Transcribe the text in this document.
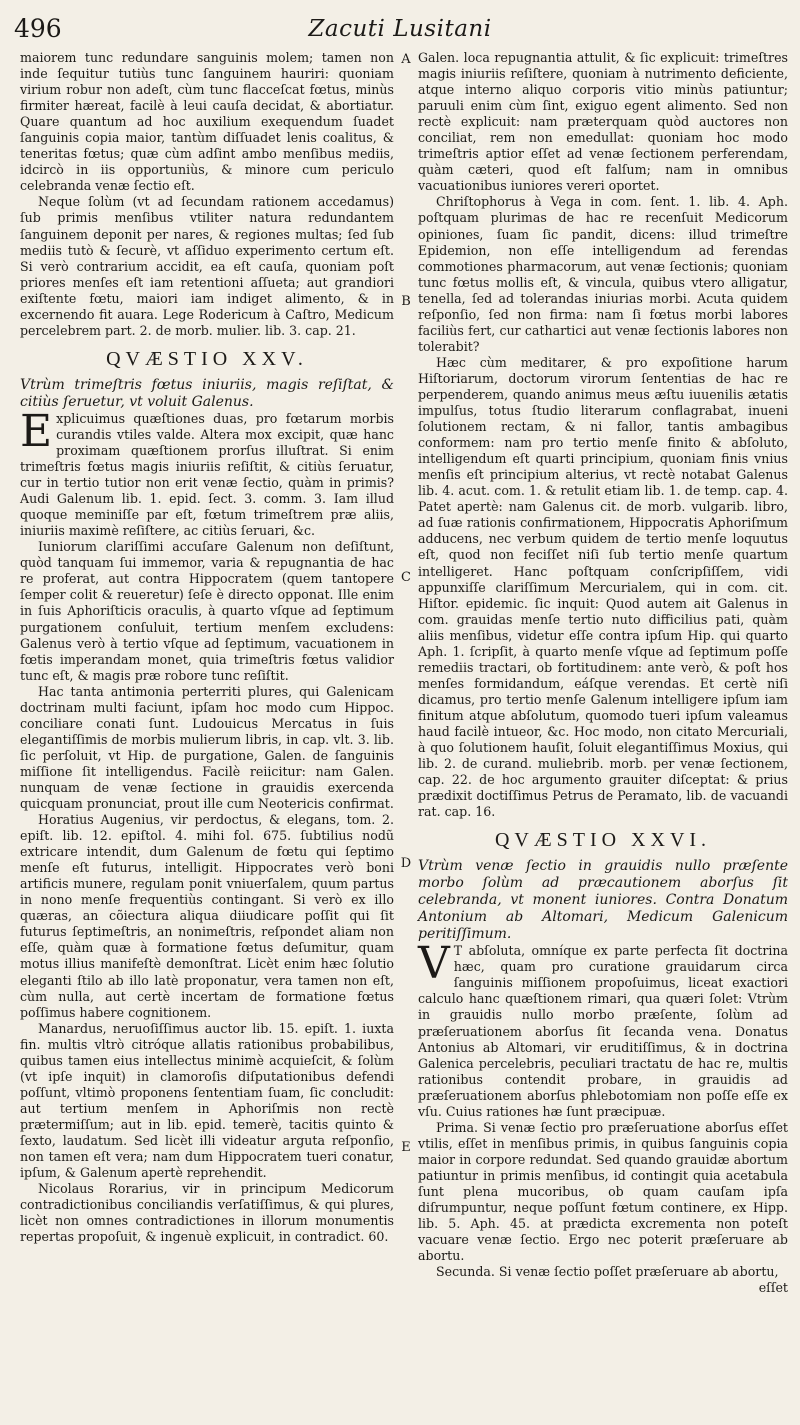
496	Zacuti Lusitani
A
B
C
D
E

maiorem tunc redundare sanguinis molem; tamen non inde ſequitur tutiùs tunc ſanguinem hauriri: quoniam virium robur non adeſt, cùm tunc flacceſcat fœtus, minùs firmiter hæreat, facilè à leui cauſa decidat, & abortiatur. Quare quantum ad hoc auxilium exequendum ſuadet ſanguinis copia maior, tantùm diſſuadet lenis coalitus, & teneritas fœtus; quæ cùm adſint ambo menſibus mediis, idcircò in iis opportuniùs, & minore cum periculo celebranda venæ ſectio eſt.

Neque ſolùm (vt ad ſecundam rationem accedamus) ſub primis menſibus vtiliter natura redundantem ſanguinem deponit per nares, & regiones multas; ſed ſub mediis tutò & ſecurè, vt aſſiduo experimento certum eſt. Si verò contrarium accidit, ea eſt cauſa, quoniam poſt priores menſes eſt iam retentioni aſſueta; aut grandiori exiſtente fœtu, maiori iam indiget alimento, & in excernendo fit auara. Lege Rodericum à Caſtro, Medicum percelebrem part. 2. de morb. mulier. lib. 3. cap. 21.

QVÆSTIO XXV.

Vtrùm trimeſtris fœtus iniuriis, magis reſiſtat, & citiùs ſeruetur, vt voluit Galenus.

Explicuimus quæſtiones duas, pro fœtarum morbis curandis vtiles valde. Altera mox excipit, quæ hanc proximam quæſtionem prorſus illuſtrat. Si enim trimeſtris fœtus magis iniuriis reſiſtit, & citiùs ſeruatur, cur in tertio tutior non erit venæ ſectio, quàm in primis? Audi Galenum lib. 1. epid. ſect. 3. comm. 3. Iam illud quoque meminiſſe par eſt, fœtum trimeſtrem præ aliis, iniuriis maximè reſiſtere, ac citiùs ſeruari, &c.

Iuniorum clariſſimi accuſare Galenum non deſiſtunt, quòd tanquam ſui immemor, varia & repugnantia de hac re proferat, aut contra Hippocratem (quem tantopere ſemper colit & reueretur) ſeſe è directo opponat. Ille enim in ſuis Aphoriſticis oraculis, à quarto vſque ad ſeptimum purgationem conſuluit, tertium menſem excludens: Galenus verò à tertio vſque ad ſeptimum, vacuationem in fœtis imperandam monet, quia trimeſtris fœtus validior tunc eſt, & magis præ robore tunc reſiſtit.

Hac tanta antimonia perterriti plures, qui Galenicam doctrinam multi faciunt, ipſam hoc modo cum Hippoc. conciliare conati ſunt. Ludouicus Mercatus in ſuis elegantiſſimis de morbis mulierum libris, in cap. vlt. 3. lib. ſic perſoluit, vt Hip. de purgatione, Galen. de ſanguinis miſſione ſit intelligendus. Facilè reiicitur: nam Galen. nunquam de venæ ſectione in grauidis exercenda quicquam pronunciat, prout ille cum Neotericis confirmat.

Horatius Augenius, vir perdoctus, & elegans, tom. 2. epiſt. lib. 12. epiſtol. 4. mihi fol. 675. ſubtilius nodũ extricare intendit, dum Galenum de fœtu qui ſeptimo menſe eſt futurus, intelligit. Hippocrates verò boni artificis munere, regulam ponit vniuerſalem, quum partus in nono menſe frequentiùs contingant. Si verò ex illo quæras, an cõiectura aliqua diiudicare poſſit qui ſit futurus ſeptimeſtris, an nonimeſtris, reſpondet aliam non eſſe, quàm quæ à formatione fœtus deſumitur, quam motus illius manifeſtè demonſtrat. Licèt enim hæc ſolutio eleganti ſtilo ab illo latè proponatur, vera tamen non eſt, cùm nulla, aut certè incertam de formatione fœtus poſſimus habere cognitionem.

Manardus, neruoſiſſimus auctor lib. 15. epiſt. 1. iuxta fin. multis vltrò citróque allatis rationibus probabilibus, quibus tamen eius intellectus minimè acquieſcit, & ſolùm (vt ipſe inquit) in clamoroſis diſputationibus defendi poſſunt, vltimò proponens ſententiam ſuam, ſic concludit: aut tertium menſem in Aphoriſmis non rectè prætermiſſum; aut in lib. epid. temerè, tacitis quinto & ſexto, laudatum. Sed licèt illi videatur arguta reſponſio, non tamen eſt vera; nam dum Hippocratem tueri conatur, ipſum, & Galenum apertè reprehendit.

Nicolaus Rorarius, vir in principum Medicorum contradictionibus conciliandis verſatiſſimus, & qui plures, licèt non omnes contradictiones in illorum monumentis repertas propoſuit, & ingenuè explicuit, in contradict. 60.

Galen. loca repugnantia attulit, & ſic explicuit: trimeſtres magis iniuriis reſiſtere, quoniam à nutrimento deficiente, atque interno aliquo corporis vitio minùs patiuntur; paruuli enim cùm ſint, exiguo egent alimento. Sed non rectè explicuit: nam præterquam quòd auctores non conciliat, rem non emedullat: quoniam hoc modo trimeſtris aptior eſſet ad venæ ſectionem perferendam, quàm cæteri, quod eſt falſum; nam in omnibus vacuationibus iuniores vereri oportet.

Chriſtophorus à Vega in com. ſent. 1. lib. 4. Aph. poſtquam plurimas de hac re recenſuit Medicorum opiniones, ſuam ſic pandit, dicens: illud trimeſtre Epidemion, non eſſe intelligendum ad ferendas commotiones pharmacorum, aut venæ ſectionis; quoniam tunc fœtus mollis eſt, & vincula, quibus vtero alligatur, tenella, ſed ad tolerandas iniurias morbi. Acuta quidem reſponſio, ſed non firma: nam ſi fœtus morbi labores faciliùs fert, cur cathartici aut venæ ſectionis labores non tolerabit?

Hæc cùm meditarer, & pro expoſitione harum Hiſtoriarum, doctorum virorum ſententias de hac re perpenderem, quando animus meus æſtu iuuenilis ætatis impulſus, totus ſtudio literarum conflagrabat, inueni ſolutionem rectam, & ni fallor, tantis ambagibus conformem: nam pro tertio menſe finito & abſoluto, intelligendum eſt quarti principium, quoniam finis vnius menſis eſt principium alterius, vt rectè notabat Galenus lib. 4. acut. com. 1. & retulit etiam lib. 1. de temp. cap. 4. Patet apertè: nam Galenus cit. de morb. vulgarib. libro, ad ſuæ rationis confirmationem, Hippocratis Aphoriſmum adducens, nec verbum quidem de tertio menſe loquutus eſt, quod non feciſſet niſi ſub tertio menſe quartum intelligeret. Hanc poſtquam conſcripſiſſem, vidi appunxiſſe clariſſimum Mercurialem, qui in com. cit. Hiſtor. epidemic. ſic inquit: Quod autem ait Galenus in com. grauidas menſe tertio nuto difficilius pati, quàm aliis menſibus, videtur eſſe contra ipſum Hip. qui quarto Aph. 1. ſcripſit, à quarto menſe vſque ad ſeptimum poſſe remediis tractari, ob fortitudinem: ante verò, & poſt hos menſes formidandum, eáſque verendas. Et certè niſi dicamus, pro tertio menſe Galenum intelligere ipſum iam finitum atque abſolutum, quomodo tueri ipſum valeamus haud facilè intueor, &c. Hoc modo, non citato Mercuriali, à quo ſolutionem hauſit, ſoluit elegantiſſimus Moxius, qui lib. 2. de curand. muliebrib. morb. per venæ ſectionem, cap. 22. de hoc argumento grauiter diſceptat: & prius prædixit doctiſſimus Petrus de Peramato, lib. de vacuandi rat. cap. 16.

QVÆSTIO XXVI.

Vtrùm venæ ſectio in grauidis nullo præſente morbo ſolùm ad præcautionem aborſus ſit celebranda, vt monent iuniores. Contra Donatum Antonium ab Altomari, Medicum Galenicum peritiſſimum.

V T abſoluta, omníque ex parte perfecta ſit doctrina hæc, quam pro curatione grauidarum circa ſanguinis miſſionem propoſuimus, liceat exactiori calculo hanc quæſtionem rimari, qua quæri ſolet: Vtrùm in grauidis nullo morbo præſente, ſolùm ad præſeruationem aborſus ſit ſecanda vena. Donatus Antonius ab Altomari, vir eruditiſſimus, & in doctrina Galenica percelebris, peculiari tractatu de hac re, multis rationibus contendit probare, in grauidis ad præſeruationem aborſus phlebotomiam non poſſe eſſe ex vſu. Cuius rationes hæ ſunt præcipuæ.

Prima. Si venæ ſectio pro præſeruatione aborſus eſſet vtilis, eſſet in menſibus primis, in quibus ſanguinis copia maior in corpore redundat. Sed quando grauidæ abortum patiuntur in primis menſibus, id contingit quia acetabula ſunt plena mucoribus, ob quam cauſam ipſa diſrumpuntur, neque poſſunt fœtum continere, ex Hipp. lib. 5. Aph. 45. at prædicta excrementa non poteſt vacuare venæ ſectio. Ergo nec poterit præſeruare ab abortu.

Secunda. Si venæ ſectio poſſet præſeruare ab abortu,

eſſet
